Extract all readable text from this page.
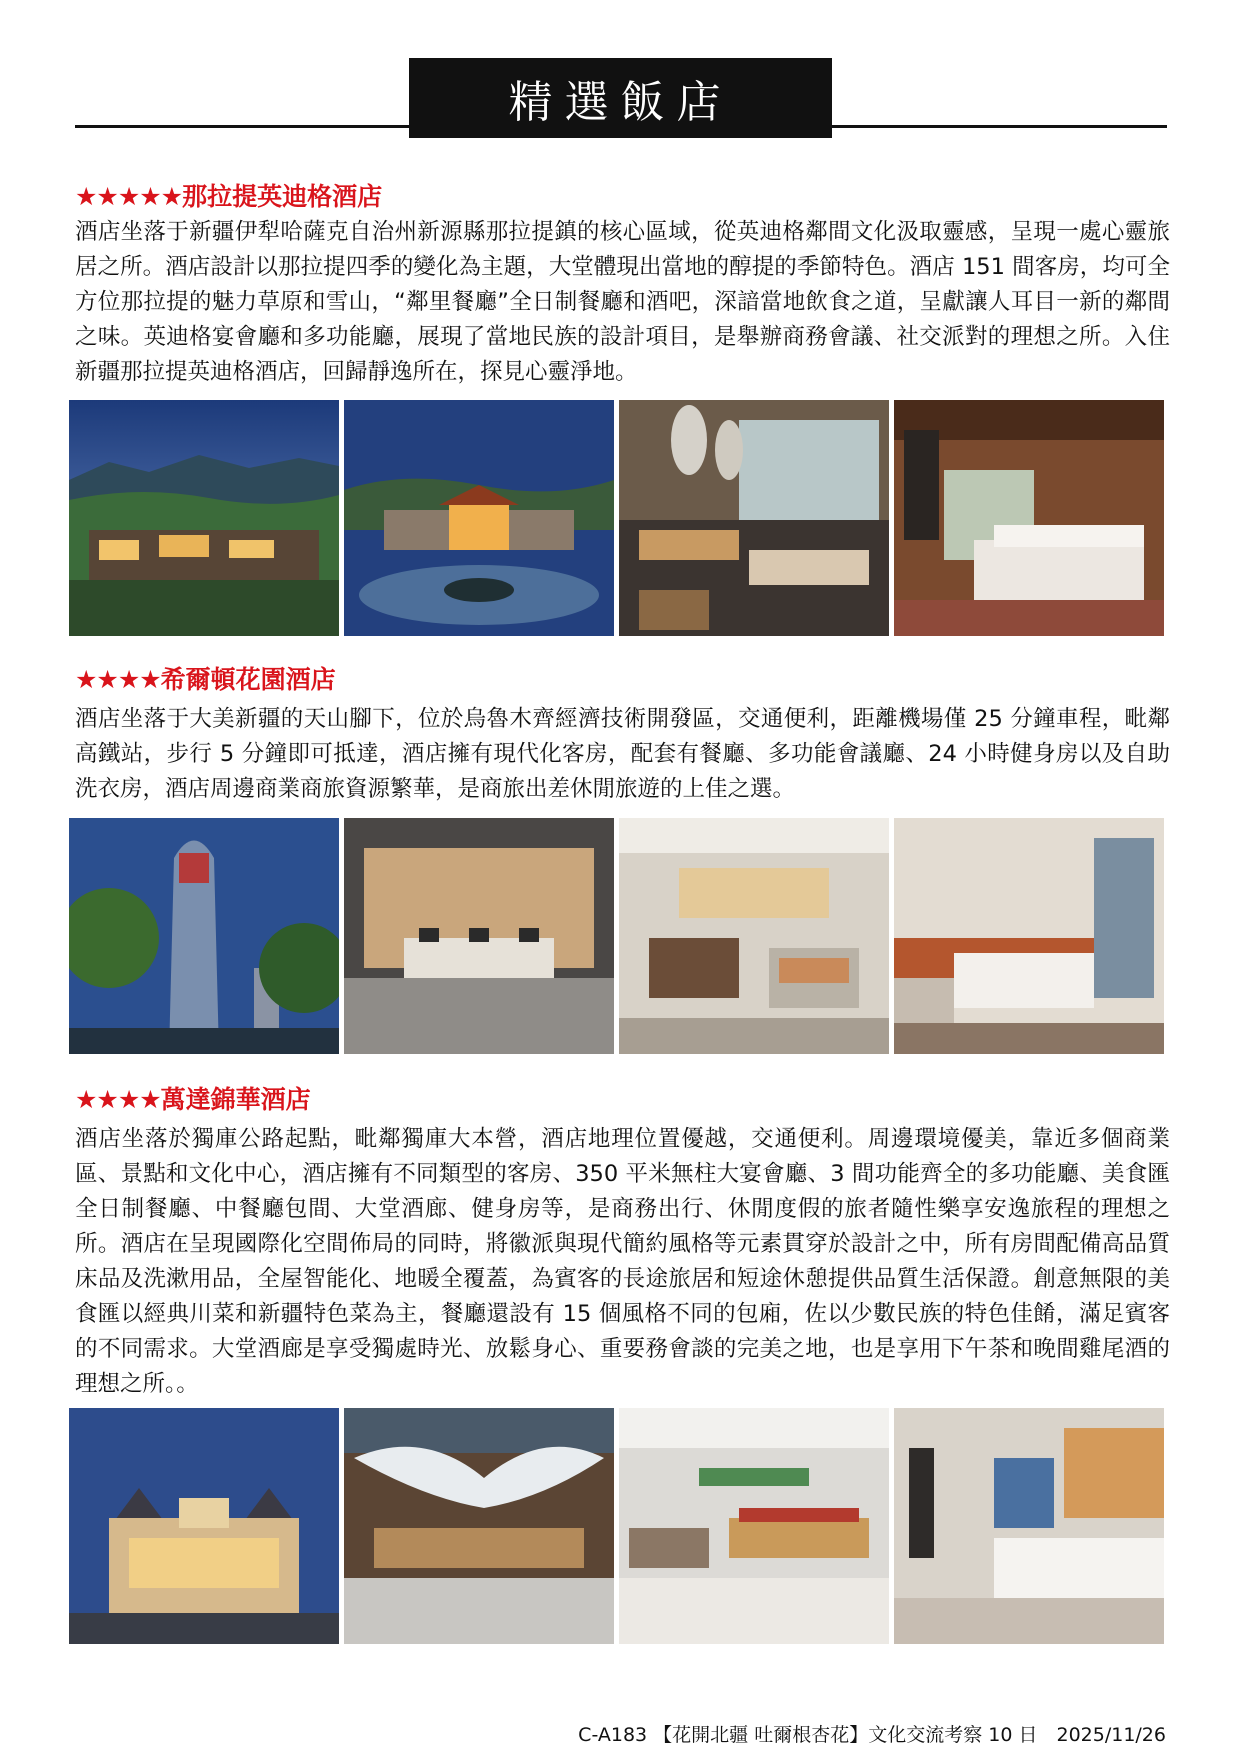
精選飯店
★★★★★那拉提英迪格酒店

酒店坐落于新疆伊犁哈薩克自治州新源縣那拉提鎮的核心區域，從英迪格鄰間文化汲取靈感，呈現一處心靈旅居之所。酒店設計以那拉提四季的變化為主題，大堂體現出當地的醇提的季節特色。酒店 151 間客房，均可全方位那拉提的魅力草原和雪山，“鄰里餐廳”全日制餐廳和酒吧，深諳當地飲食之道，呈獻讓人耳目一新的鄰間之味。英迪格宴會廳和多功能廳，展現了當地民族的設計項目，是舉辦商務會議、社交派對的理想之所。入住新疆那拉提英迪格酒店，回歸靜逸所在，探見心靈淨地。

★★★★希爾頓花園酒店

酒店坐落于大美新疆的天山腳下，位於烏魯木齊經濟技術開發區，交通便利，距離機場僅 25 分鐘車程，毗鄰高鐵站，步行 5 分鐘即可抵達，酒店擁有現代化客房，配套有餐廳、多功能會議廳、24 小時健身房以及自助洗衣房，酒店周邊商業商旅資源繁華，是商旅出差休閒旅遊的上佳之選。

★★★★萬達錦華酒店

酒店坐落於獨庫公路起點，毗鄰獨庫大本營，酒店地理位置優越，交通便利。周邊環境優美，靠近多個商業區、景點和文化中心，酒店擁有不同類型的客房、350 平米無柱大宴會廳、3 間功能齊全的多功能廳、美食匯全日制餐廳、中餐廳包間、大堂酒廊、健身房等，是商務出行、休閒度假的旅者隨性樂享安逸旅程的理想之所。酒店在呈現國際化空間佈局的同時，將徽派與現代簡約風格等元素貫穿於設計之中，所有房間配備高品質床品及洗漱用品，全屋智能化、地暖全覆蓋，為賓客的長途旅居和短途休憩提供品質生活保證。創意無限的美食匯以經典川菜和新疆特色菜為主，餐廳還設有 15 個風格不同的包廂，佐以少數民族的特色佳餚，滿足賓客的不同需求。大堂酒廊是享受獨處時光、放鬆身心、重要務會談的完美之地，也是享用下午茶和晚間雞尾酒的理想之所。。

C-A183 【花開北疆 吐爾根杏花】文化交流考察 10 日　2025/11/26
